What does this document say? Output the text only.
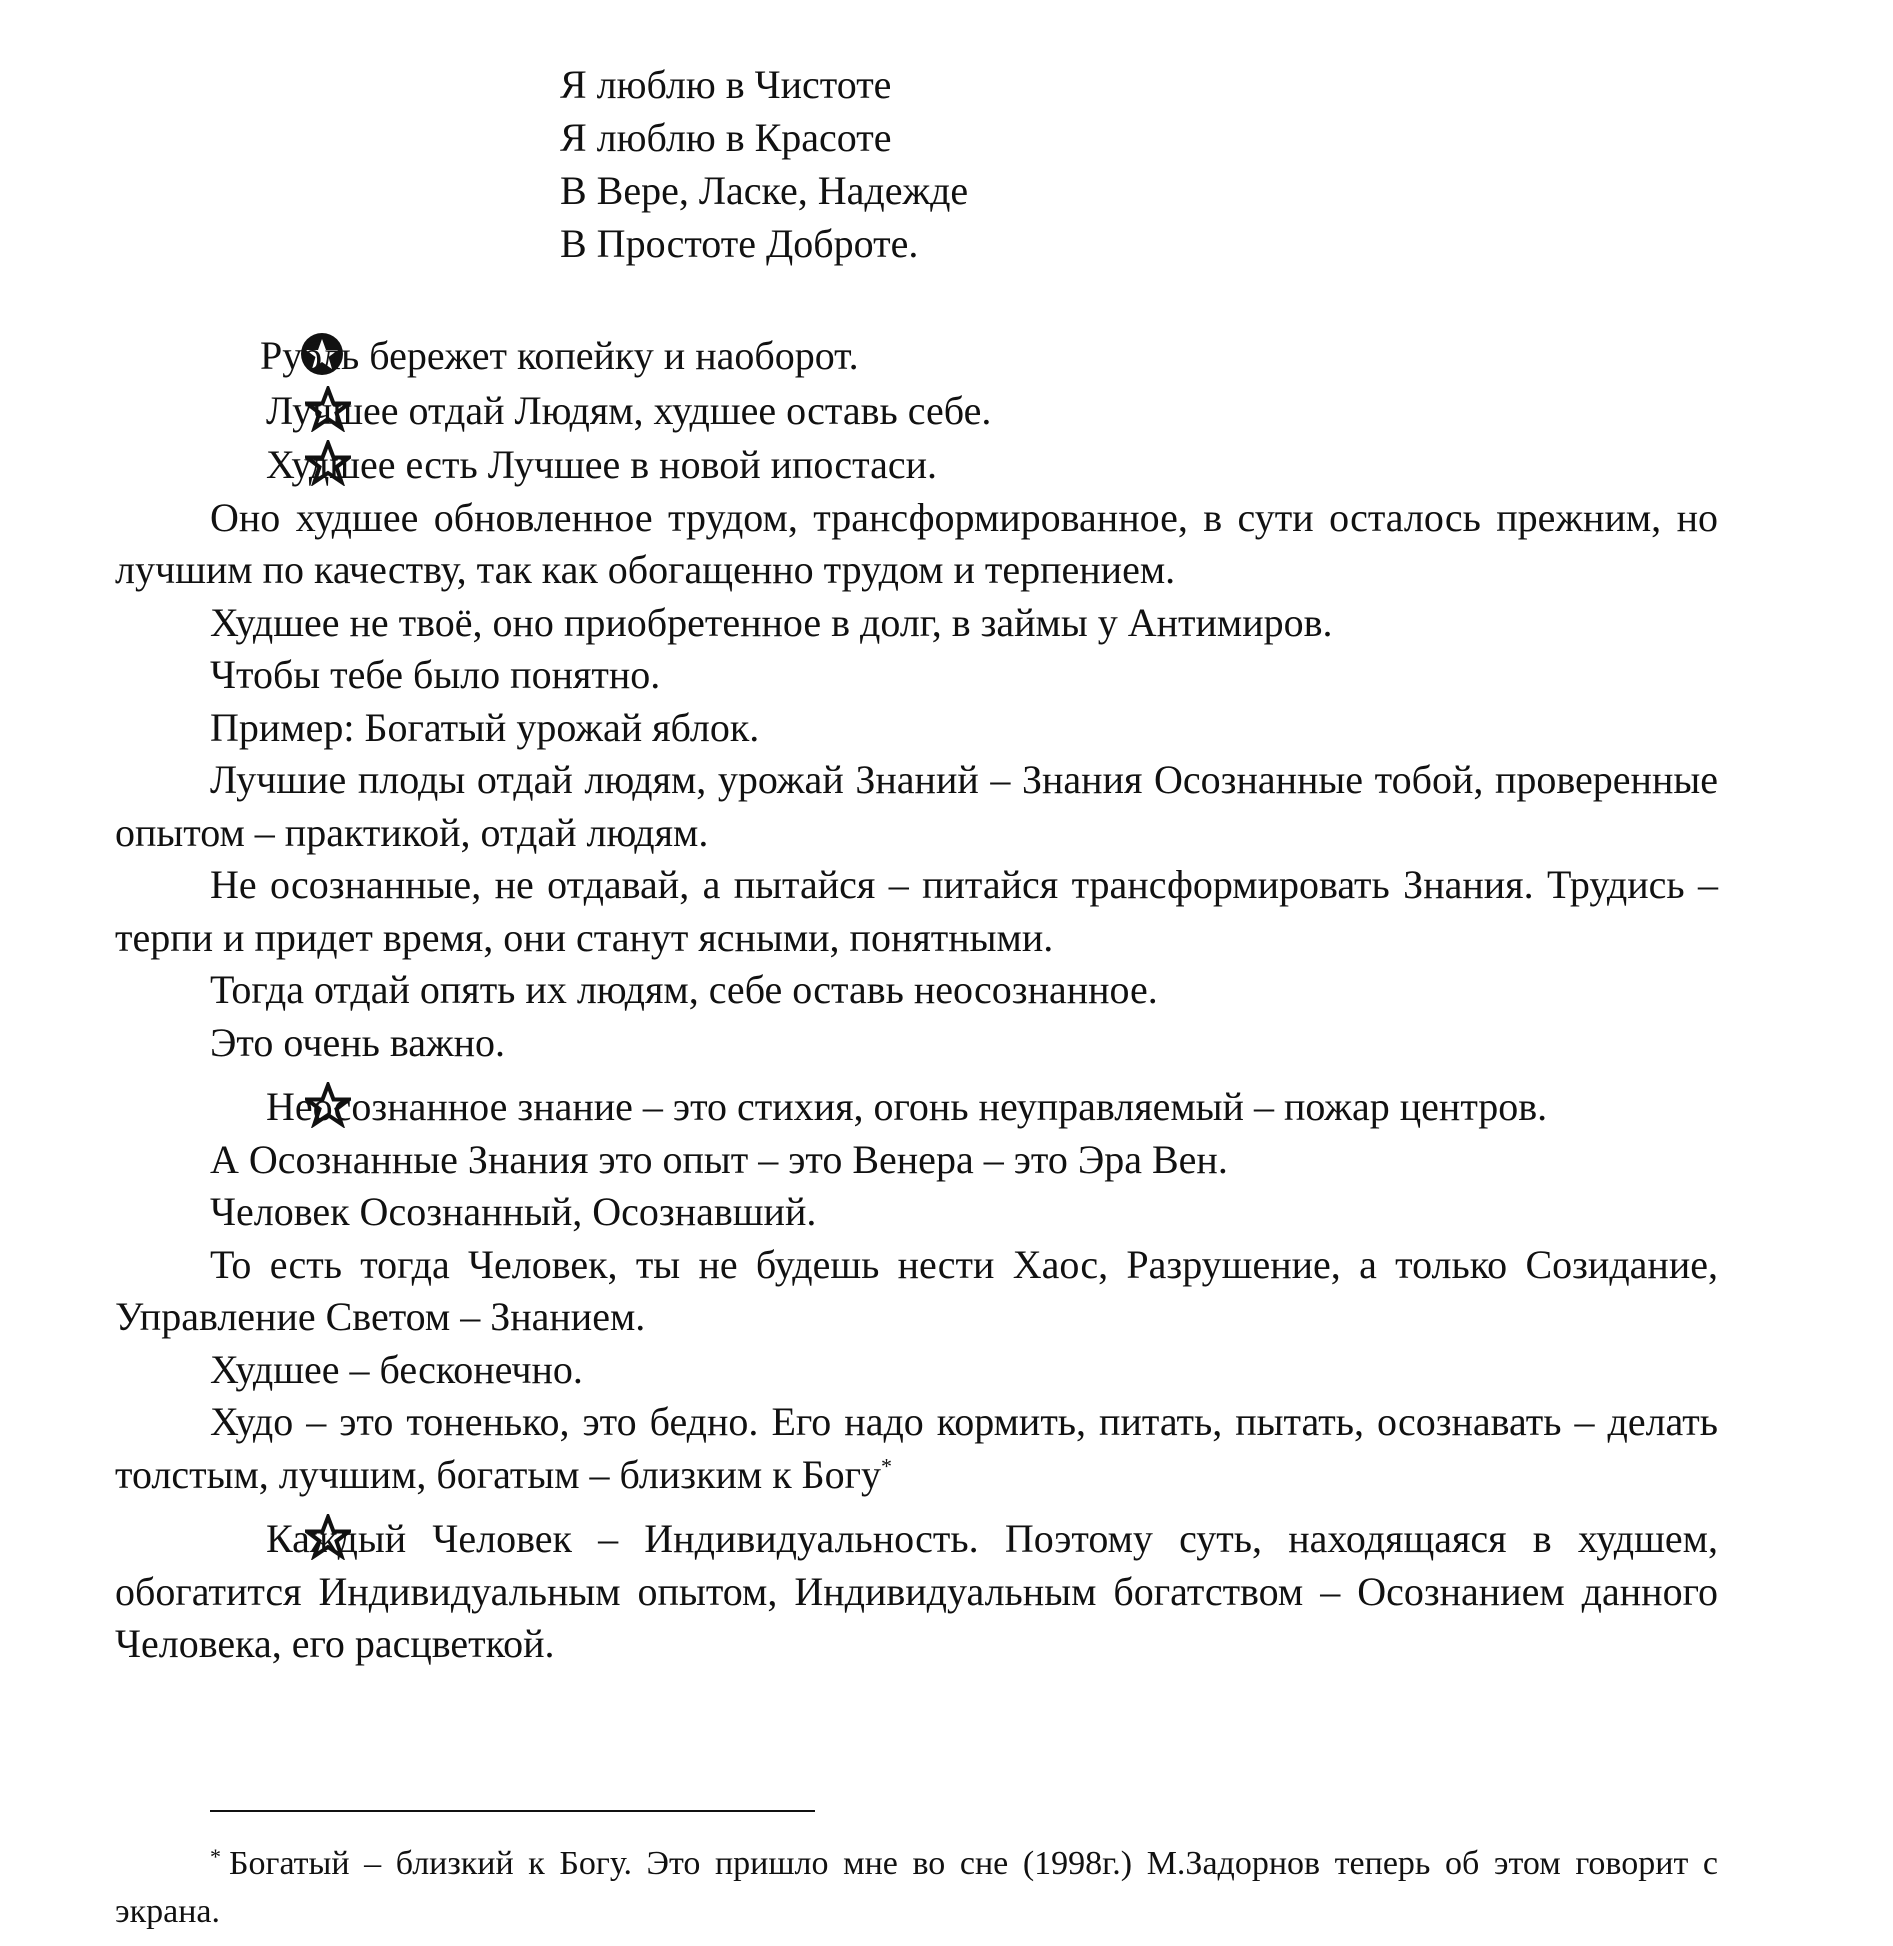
Я люблю в Чистоте
Я люблю в Красоте
В Вере, Ласке, Надежде
В Простоте Доброте.

Рубль бережет копейку и наоборот.

Лучшее отдай Людям, худшее оставь себе.

Худшее есть Лучшее в новой ипостаси.

Оно худшее обновленное трудом, трансформированное, в сути осталось прежним, но лучшим по качеству, так как обогащенно трудом и терпением.

Худшее не твоё, оно приобретенное в долг, в займы у Антимиров.

Чтобы тебе было понятно.

Пример: Богатый урожай яблок.

Лучшие плоды отдай людям, урожай Знаний – Знания Осознанные тобой, проверенные опытом – практикой, отдай людям.

Не осознанные, не отдавай, а пытайся – питайся трансформировать Знания. Трудись – терпи и придет время, они станут ясными, понятными.

Тогда отдай опять их людям, себе оставь неосознанное.

Это очень важно.

Неосознанное знание – это стихия, огонь неуправляемый – пожар центров.

А Осознанные Знания это опыт – это Венера – это Эра Вен.

Человек Осознанный, Осознавший.

То есть тогда Человек, ты не будешь нести Хаос, Разрушение, а только Созидание, Управление Светом – Знанием.

Худшее – бесконечно.

Худо – это тоненько, это бедно. Его надо кормить, питать, пытать, осознавать – делать толстым, лучшим, богатым – близким к Богу*

Каждый Человек – Индивидуальность. Поэтому суть, находящаяся в худшем, обогатится Индивидуальным опытом, Индивидуальным богатством – Осознанием данного Человека, его расцветкой.

* Богатый – близкий к Богу. Это пришло мне во сне (1998г.) М.Задорнов теперь об этом говорит с экрана.
